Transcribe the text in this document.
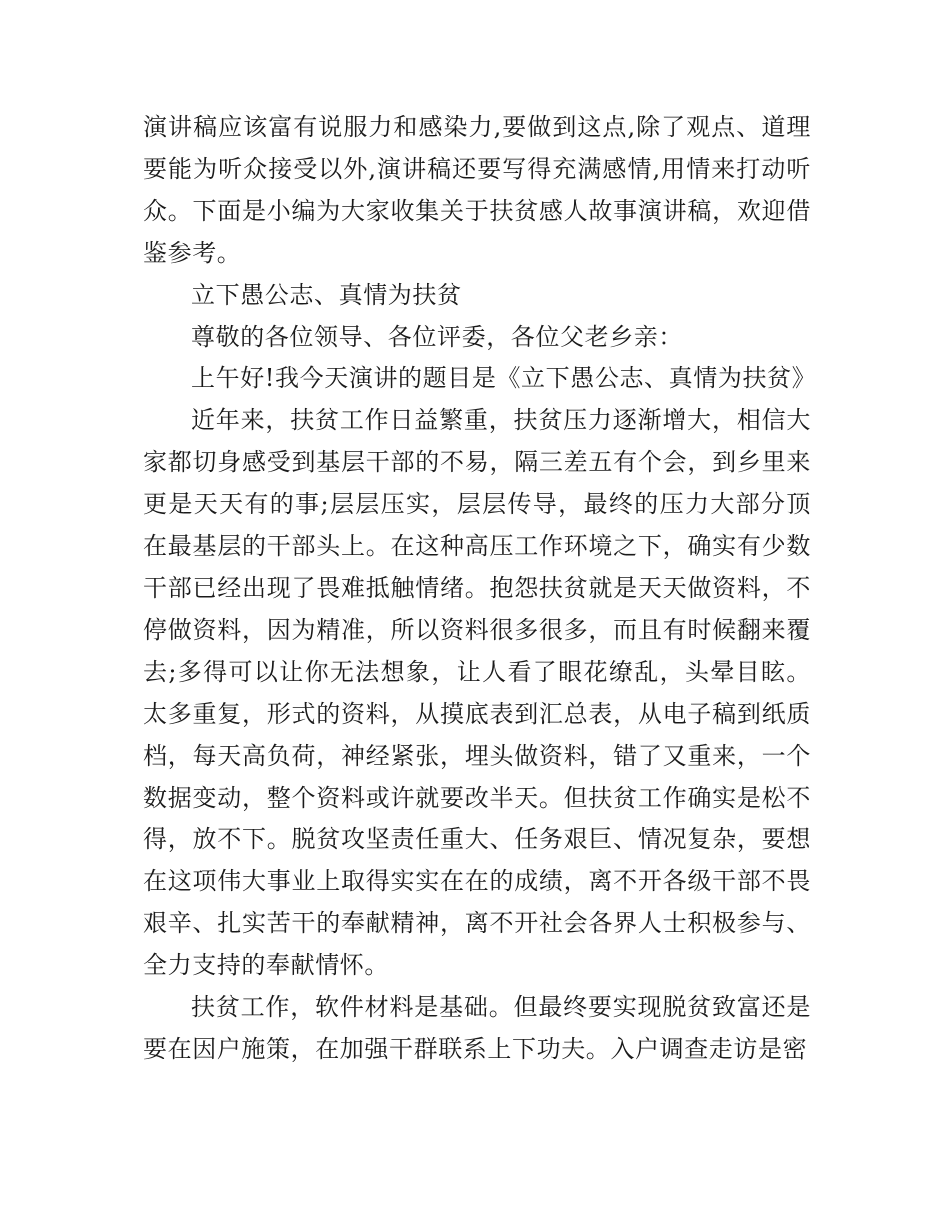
演讲稿应该富有说服力和感染力,要做到这点,除了观点、道理要能为听众接受以外,演讲稿还要写得充满感情,用情来打动听众。下面是小编为大家收集关于扶贫感人故事演讲稿，欢迎借鉴参考。

立下愚公志、真情为扶贫

尊敬的各位领导、各位评委，各位父老乡亲：

上午好!我今天演讲的题目是《立下愚公志、真情为扶贫》

近年来，扶贫工作日益繁重，扶贫压力逐渐增大，相信大家都切身感受到基层干部的不易，隔三差五有个会，到乡里来更是天天有的事;层层压实，层层传导，最终的压力大部分顶在最基层的干部头上。在这种高压工作环境之下，确实有少数干部已经出现了畏难抵触情绪。抱怨扶贫就是天天做资料，不停做资料，因为精准，所以资料很多很多，而且有时候翻来覆去;多得可以让你无法想象，让人看了眼花缭乱，头晕目眩。太多重复，形式的资料，从摸底表到汇总表，从电子稿到纸质档，每天高负荷，神经紧张，埋头做资料，错了又重来，一个数据变动，整个资料或许就要改半天。但扶贫工作确实是松不得，放不下。脱贫攻坚责任重大、任务艰巨、情况复杂，要想在这项伟大事业上取得实实在在的成绩，离不开各级干部不畏艰辛、扎实苦干的奉献精神，离不开社会各界人士积极参与、全力支持的奉献情怀。

扶贫工作，软件材料是基础。但最终要实现脱贫致富还是要在因户施策，在加强干群联系上下功夫。入户调查走访是密
